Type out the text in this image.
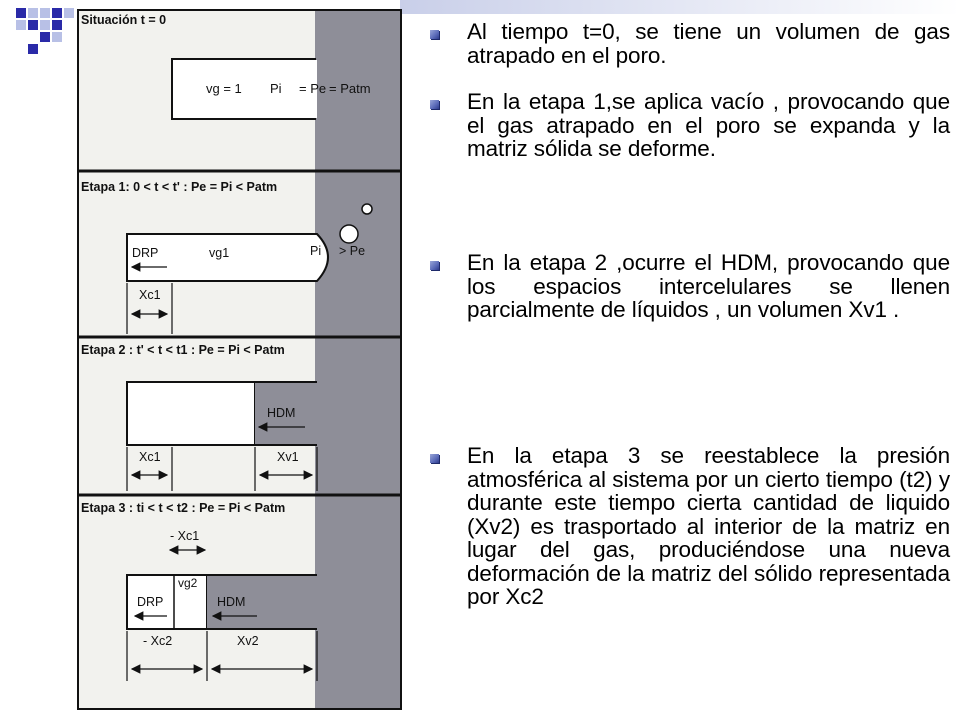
Situación t = 0
vg = 1 Pi = Pe = Patm
Etapa 1: 0 < t < t' : Pe = Pi < Patm
DRP	vg1	Pi > Pe
Xc1
Etapa 2 : t' < t < t1 : Pe = Pi < Patm
HDM
Xc1	Xv1
Etapa 3 : ti < t < t2 : Pe = Pi < Patm
- Xc1
vg2
DRP	HDM
- Xc2	Xv2
Al tiempo t=0, se tiene un volumen de gas atrapado en el poro.
En la etapa 1,se aplica vacío , provocando que el gas atrapado en el poro se expanda y la matriz sólida se deforme.
En la etapa 2 ,ocurre el HDM, provocando que los espacios intercelulares se llenen parcialmente de líquidos , un volumen Xv1 .
En la etapa 3 se reestablece la presión atmosférica al sistema por un cierto tiempo (t2) y durante este tiempo cierta cantidad de liquido (Xv2) es trasportado al interior de la matriz en lugar del gas, produciéndose una nueva deformación de la matriz del sólido representada por Xc2
